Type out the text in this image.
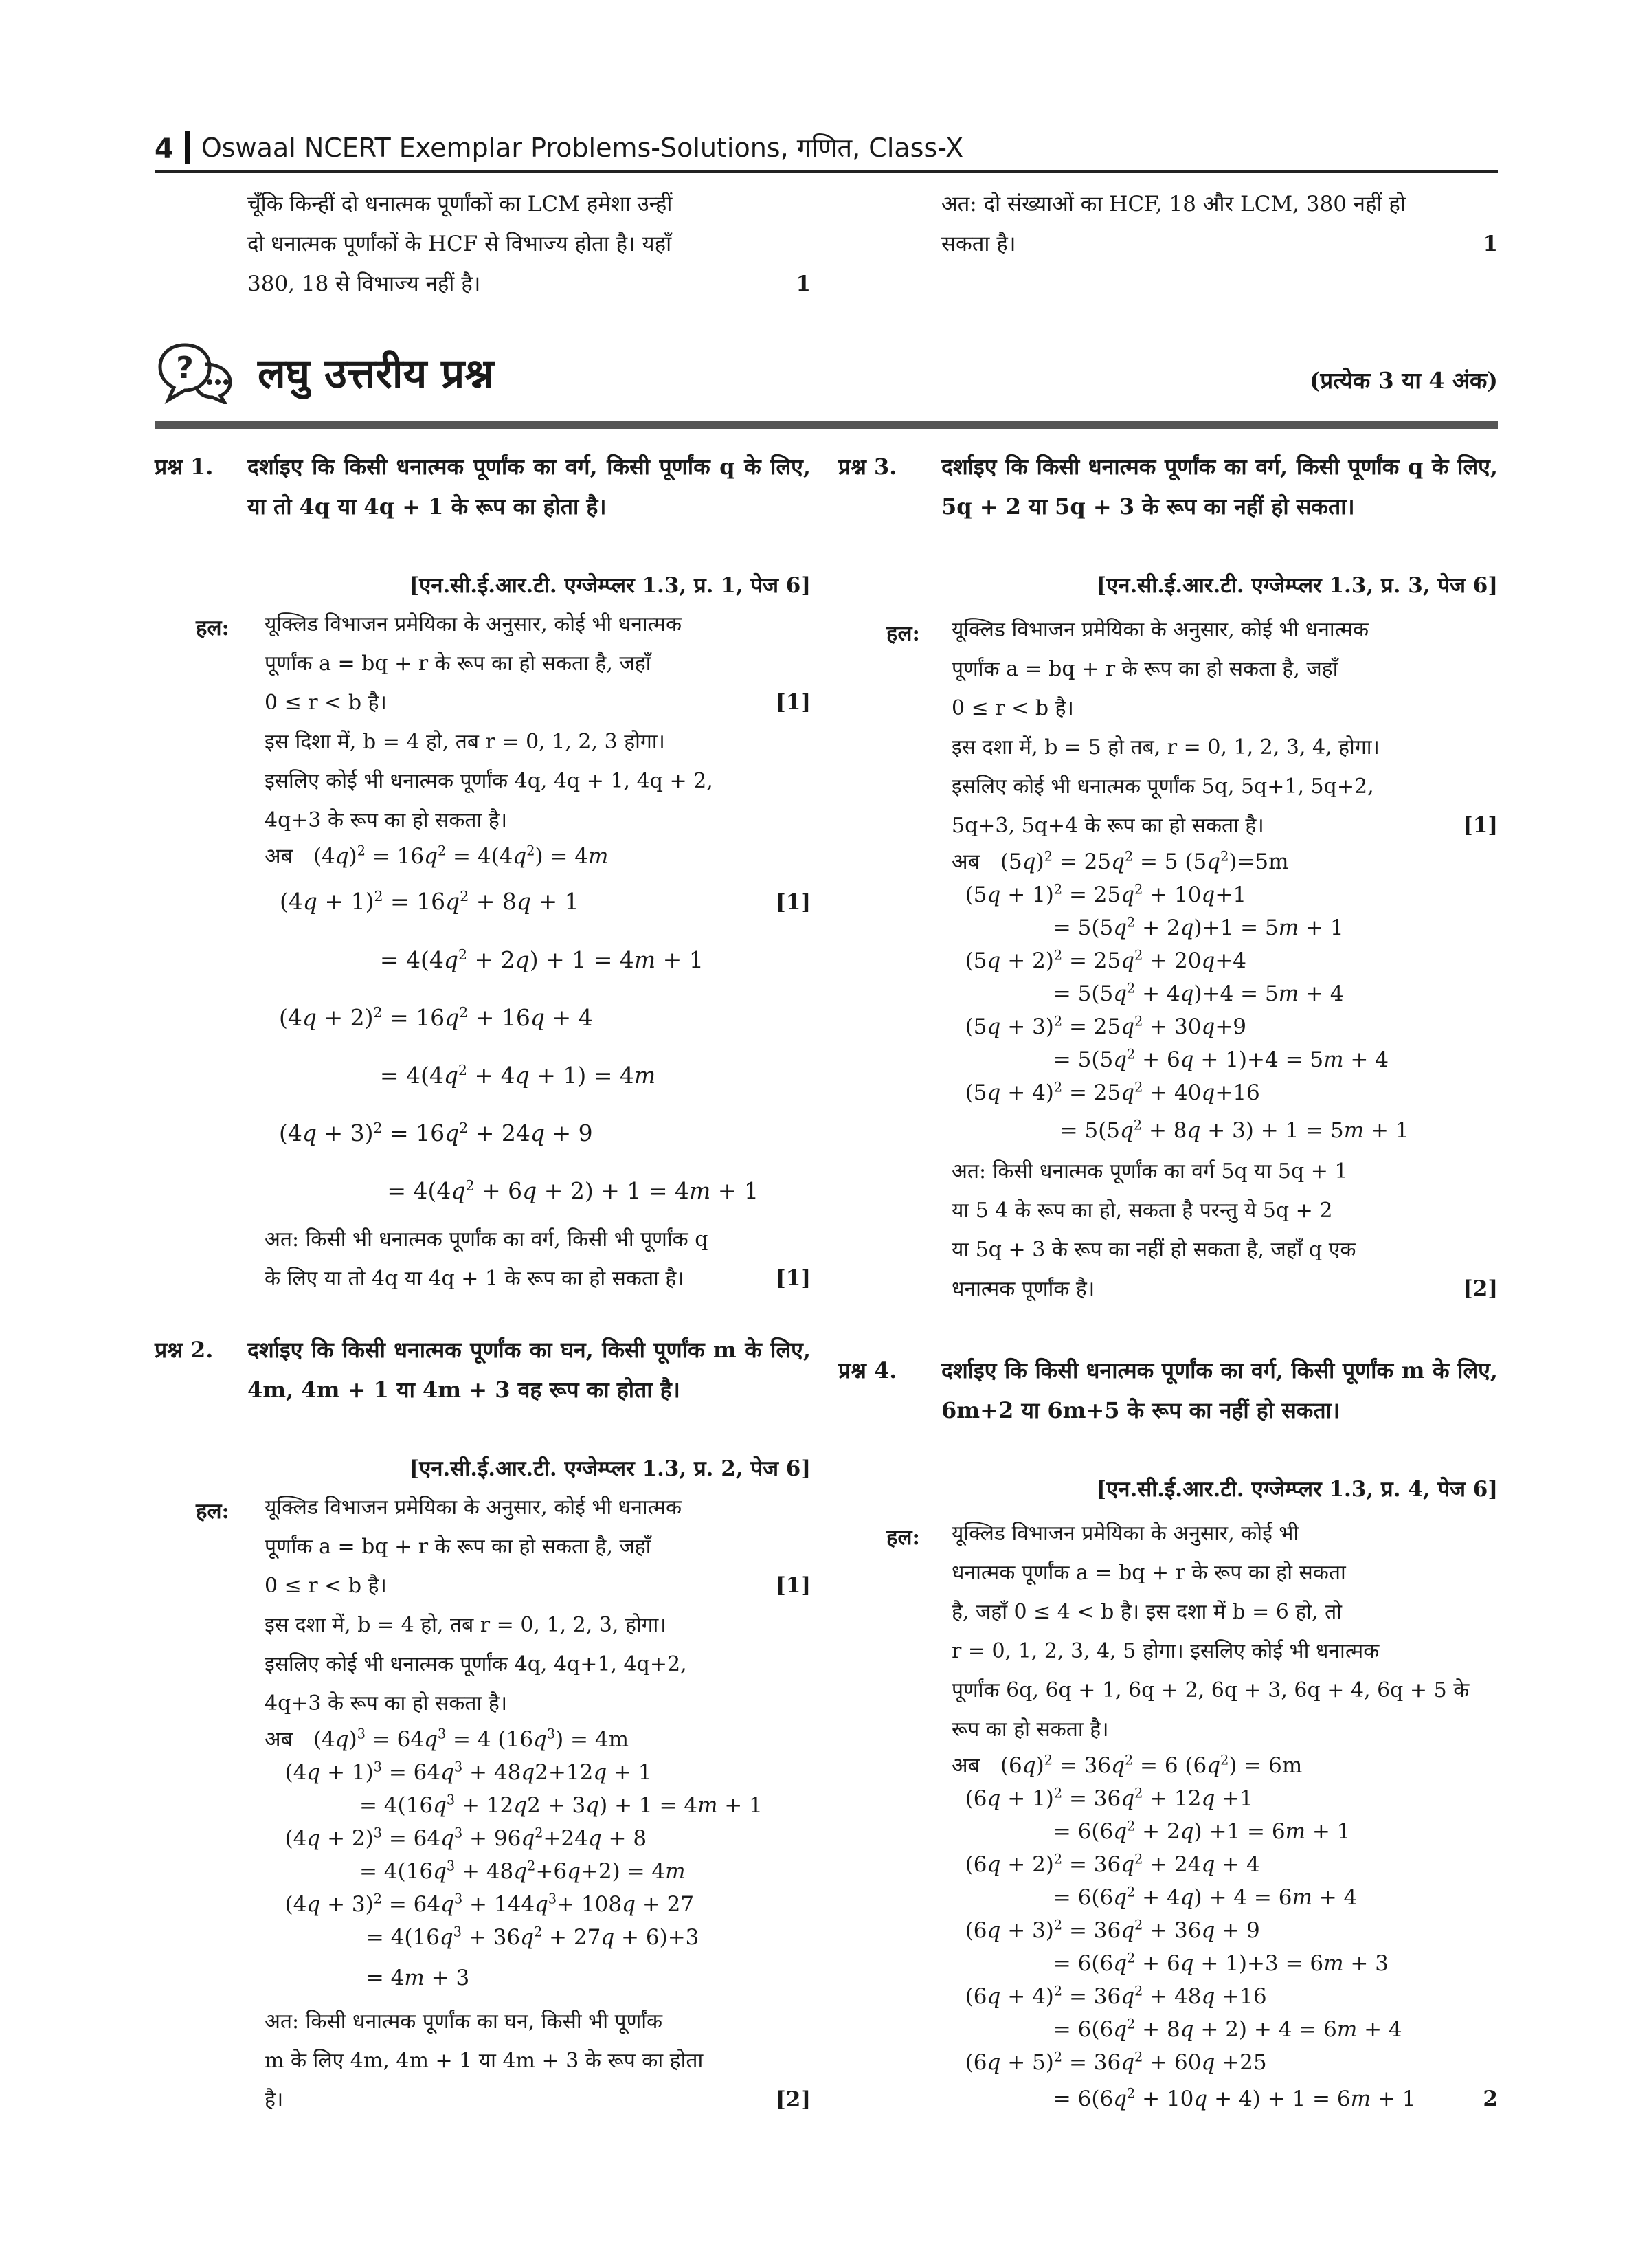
4 Oswaal NCERT Exemplar Problems-Solutions, गणित, Class-X
चूँकि किन्हीं दो धनात्मक पूर्णांकों का LCM हमेशा उन्हीं
दो धनात्मक पूर्णांकों के HCF से विभाज्य होता है। यहाँ
380, 18 से विभाज्य नहीं है।	1
अत: दो संख्याओं का HCF, 18 और LCM, 380 नहीं हो
सकता है।	1
? लघु उत्तरीय प्रश्न	(प्रत्येक 3 या 4 अंक)
प्रश्न 1. दर्शाइए कि किसी धनात्मक पूर्णांक का वर्ग, किसी पूर्णांक q के लिए, या तो 4q या 4q + 1 के रूप का होता है।
[एन.सी.ई.आर.टी. एग्जेम्प्लर 1.3, प्र. 1, पेज 6]
हल: यूक्लिड विभाजन प्रमेयिका के अनुसार, कोई भी धनात्मक
पूर्णांक a = bq + r के रूप का हो सकता है, जहाँ
0 ≤ r < b है।	[1]
इस दिशा में, b = 4 हो, तब r = 0, 1, 2, 3 होगा।
इसलिए कोई भी धनात्मक पूर्णांक 4q, 4q + 1, 4q + 2,
4q+3 के रूप का हो सकता है।
अब   $(4q)^2 = 16q^2 = 4(4q^2) = 4m$
$(4q + 1)^2 = 16q^2 + 8q + 1$	[1]
= $4(4q^2 + 2q) + 1 = 4m + 1$
$(4q + 2)^2 = 16q^2 + 16q + 4$
= $4(4q^2 + 4q + 1) = 4m$
$(4q + 3)^2 = 16q^2 + 24q + 9$
= $4(4q^2 + 6q + 2) + 1 = 4m + 1$
अत: किसी भी धनात्मक पूर्णांक का वर्ग, किसी भी पूर्णांक q
के लिए या तो 4q या 4q + 1 के रूप का हो सकता है।	[1]
प्रश्न 2. दर्शाइए कि किसी धनात्मक पूर्णांक का घन, किसी पूर्णांक m के लिए, 4m, 4m + 1 या 4m + 3 वह रूप का होता है।
[एन.सी.ई.आर.टी. एग्जेम्प्लर 1.3, प्र. 2, पेज 6]
हल: यूक्लिड विभाजन प्रमेयिका के अनुसार, कोई भी धनात्मक
पूर्णांक a = bq + r के रूप का हो सकता है, जहाँ
0 ≤ r < b है।	[1]
इस दशा में, b = 4 हो, तब r = 0, 1, 2, 3, होगा।
इसलिए कोई भी धनात्मक पूर्णांक 4q, 4q+1, 4q+2,
4q+3 के रूप का हो सकता है।
अब   $(4q)^3 = 64q^3 = 4$ $(16q^3) = 4m$
$(4q + 1)^3 = 64q^3 + 48q2+12q + 1$
= $4(16q^3 + 12q2 + 3q) + 1 = 4m + 1$
$(4q + 2)^3 = 64q^3 + 96q^2+24q + 8$
= $4(16q^3 + 48q^2+6q+2) = 4m$
$(4q + 3)^2 = 64q^3 + 144q^3+ 108q + 27$
= $4(16q^3 + 36q^2 + 27q + 6)+3$
= 4m + 3
अत: किसी धनात्मक पूर्णांक का घन, किसी भी पूर्णांक
m के लिए 4m, 4m + 1 या 4m + 3 के रूप का होता
है।	[2]
प्रश्न 3. दर्शाइए कि किसी धनात्मक पूर्णांक का वर्ग, किसी पूर्णांक q के लिए, 5q + 2 या 5q + 3 के रूप का नहीं हो सकता।
[एन.सी.ई.आर.टी. एग्जेम्प्लर 1.3, प्र. 3, पेज 6]
हल: यूक्लिड विभाजन प्रमेयिका के अनुसार, कोई भी धनात्मक
पूर्णांक a = bq + r के रूप का हो सकता है, जहाँ
0 ≤ r < b है।
इस दशा में, b = 5 हो तब, r = 0, 1, 2, 3, 4, होगा।
इसलिए कोई भी धनात्मक पूर्णांक 5q, 5q+1, 5q+2,
5q+3, 5q+4 के रूप का हो सकता है।	[1]
अब   $(5q)^2 = 25q^2 = 5$ $(5q^2)=5m$
$(5q + 1)^2 = 25q^2 + 10q+1$
= $5(5q^2 + 2q)+1 = 5m + 1$
$(5q + 2)^2 = 25q^2 + 20q+4$
= $5(5q^2 + 4q)+4 = 5m + 4$
$(5q + 3)^2 = 25q^2 + 30q+9$
= $5(5q^2 + 6q + 1)+4 = 5m + 4$
$(5q + 4)^2 = 25q^2 + 40q+16$
= $5(5q^2 + 8q + 3) + 1 = 5m + 1$
अत: किसी धनात्मक पूर्णांक का वर्ग 5q या 5q + 1
या 5 4 के रूप का हो, सकता है परन्तु ये 5q + 2
या 5q + 3 के रूप का नहीं हो सकता है, जहाँ q एक
धनात्मक पूर्णांक है।	[2]
प्रश्न 4. दर्शाइए कि किसी धनात्मक पूर्णांक का वर्ग, किसी पूर्णांक m के लिए, 6m+2 या 6m+5 के रूप का नहीं हो सकता।
[एन.सी.ई.आर.टी. एग्जेम्प्लर 1.3, प्र. 4, पेज 6]
हल: यूक्लिड विभाजन प्रमेयिका के अनुसार, कोई भी
धनात्मक पूर्णांक a = bq + r के रूप का हो सकता
है, जहाँ 0 ≤ 4 < b है। इस दशा में b = 6 हो, तो
r = 0, 1, 2, 3, 4, 5 होगा। इसलिए कोई भी धनात्मक
पूर्णांक 6q, 6q + 1, 6q + 2, 6q + 3, 6q + 4, 6q + 5 के
रूप का हो सकता है।
अब   $(6q)^2 = 36q^2 = 6$ $(6q^2) = 6m$
$(6q + 1)^2 = 36q^2 + 12q +1$
= $6(6q^2 + 2q) +1 = 6m + 1$
$(6q + 2)^2 = 36q^2 + 24q + 4$
= $6(6q^2 + 4q) + 4 = 6m + 4$
$(6q + 3)^2 = 36q^2 + 36q + 9$
= $6(6q^2 + 6q + 1)+3 = 6m + 3$
$(6q + 4)^2 = 36q^2 + 48q +16$
= $6(6q^2 + 8q + 2) + 4 = 6m + 4$
$(6q + 5)^2 = 36q^2 + 60q +25$
= $6(6q^2 + 10q + 4) + 1 = 6m + 1$	2
